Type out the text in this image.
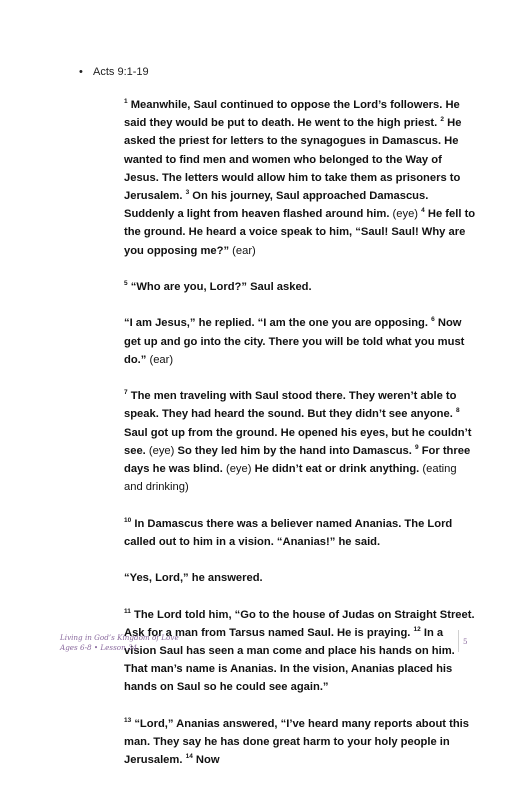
• Acts 9:1-19

$^1$ Meanwhile, Saul continued to oppose the Lord’s followers. He said they would be put to death. He went to the high priest. $^2$ He asked the priest for letters to the synagogues in Damascus. He wanted to find men and women who belonged to the Way of Jesus. The letters would allow him to take them as prisoners to Jerusalem. $^3$ On his journey, Saul approached Damascus. Suddenly a light from heaven flashed around him. (eye) $^4$ He fell to the ground. He heard a voice speak to him, “Saul! Saul! Why are you opposing me?” (ear)

$^5$ “Who are you, Lord?” Saul asked.

“I am Jesus,” he replied. “I am the one you are opposing. $^6$ Now get up and go into the city. There you will be told what you must do.” (ear)

$^7$ The men traveling with Saul stood there. They weren’t able to speak. They had heard the sound. But they didn’t see anyone. $^8$ Saul got up from the ground. He opened his eyes, but he couldn’t see. (eye) So they led him by the hand into Damascus. $^9$ For three days he was blind. (eye) He didn’t eat or drink anything. (eating and drinking)

$^{10}$ In Damascus there was a believer named Ananias. The Lord called out to him in a vision. “Ananias!” he said.

“Yes, Lord,” he answered.

$^{11}$ The Lord told him, “Go to the house of Judas on Straight Street. Ask for a man from Tarsus named Saul. He is praying. $^{12}$ In a vision Saul has seen a man come and place his hands on him. That man’s name is Ananias. In the vision, Ananias placed his hands on Saul so he could see again.”

$^{13}$ “Lord,” Ananias answered, “I’ve heard many reports about this man. They say he has done great harm to your holy people in Jerusalem. $^{14}$ Now

Living in God’s Kingdom of Love
Ages 6-8 • Lesson 34
5
